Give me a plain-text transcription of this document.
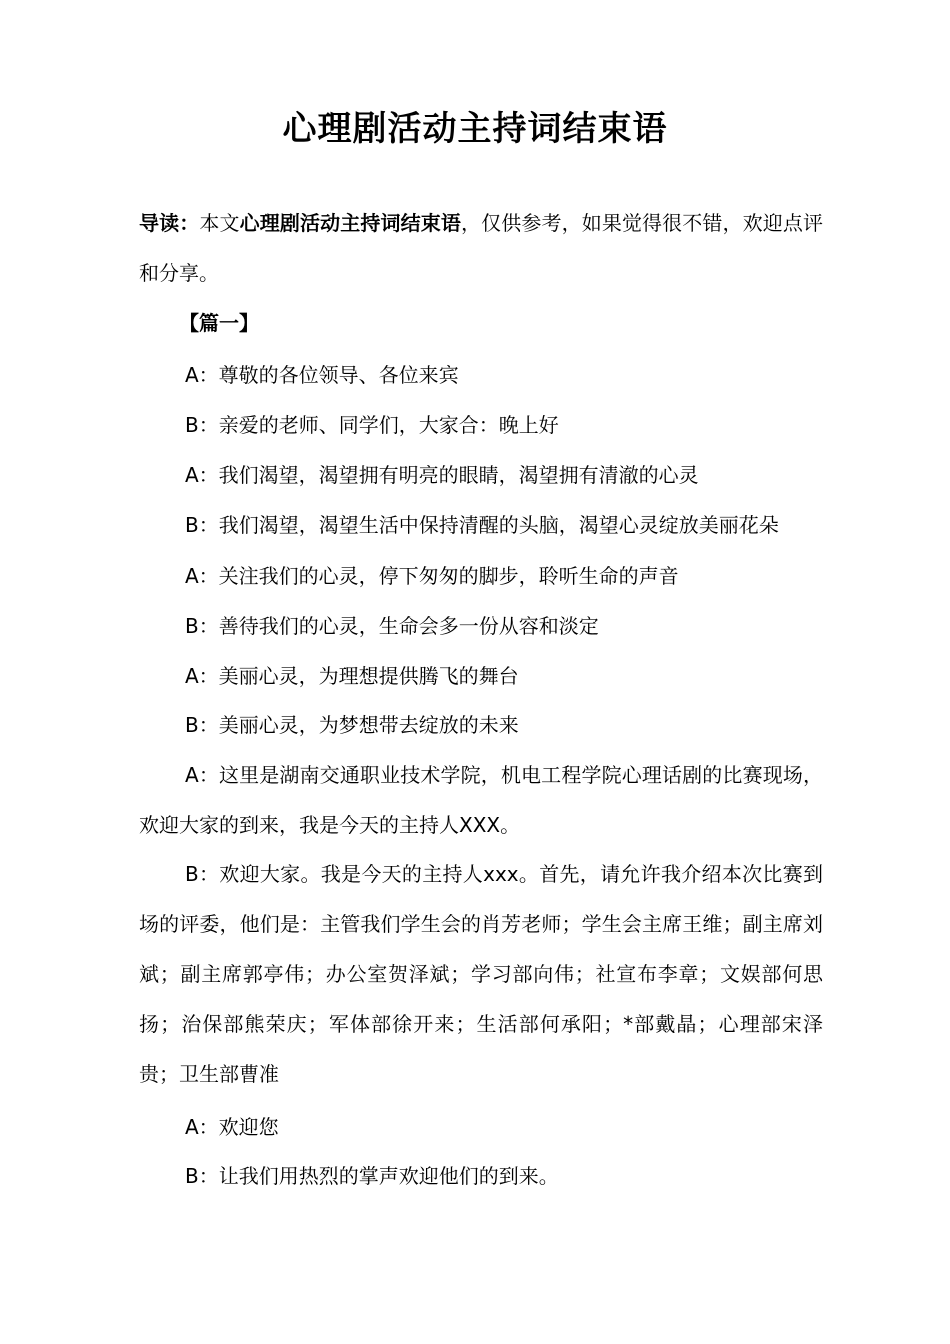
心理剧活动主持词结束语

导读：本文心理剧活动主持词结束语，仅供参考，如果觉得很不错，欢迎点评和分享。

【篇一】

A：尊敬的各位领导、各位来宾

B：亲爱的老师、同学们，大家合：晚上好

A：我们渴望，渴望拥有明亮的眼睛，渴望拥有清澈的心灵

B：我们渴望，渴望生活中保持清醒的头脑，渴望心灵绽放美丽花朵

A：关注我们的心灵，停下匆匆的脚步，聆听生命的声音

B：善待我们的心灵，生命会多一份从容和淡定

A：美丽心灵，为理想提供腾飞的舞台

B：美丽心灵，为梦想带去绽放的未来

A：这里是湖南交通职业技术学院，机电工程学院心理话剧的比赛现场，欢迎大家的到来，我是今天的主持人XXX。

B：欢迎大家。我是今天的主持人xxx。首先，请允许我介绍本次比赛到场的评委，他们是：主管我们学生会的肖芳老师；学生会主席王维；副主席刘斌；副主席郭亭伟；办公室贺泽斌；学习部向伟；社宣布李章；文娱部何思扬；治保部熊荣庆；军体部徐开来；生活部何承阳；*部戴晶；心理部宋泽贵；卫生部曹准

A：欢迎您

B：让我们用热烈的掌声欢迎他们的到来。
